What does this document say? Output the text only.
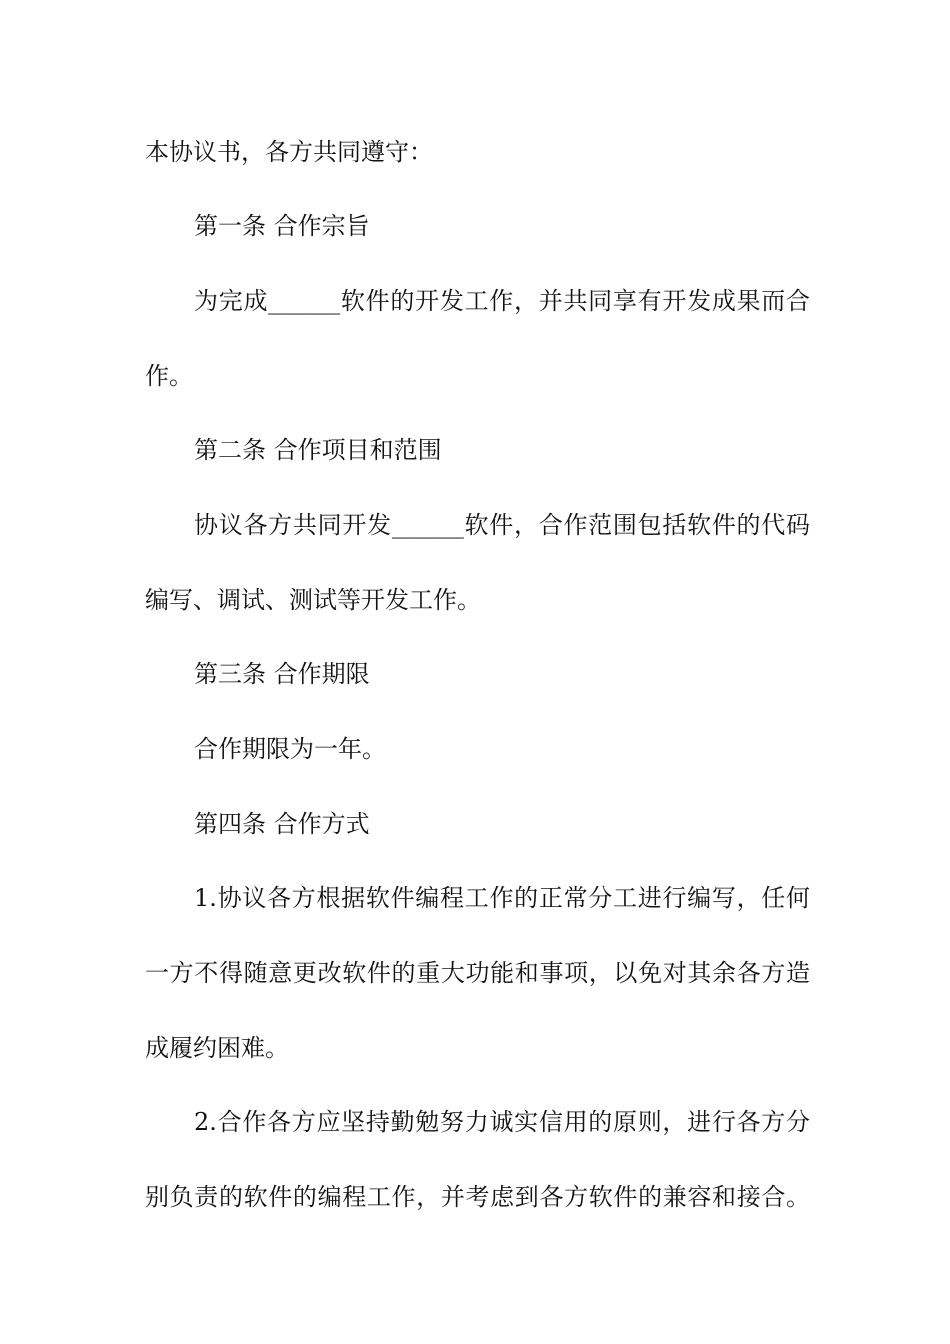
本协议书，各方共同遵守：

第一条 合作宗旨

为完成______软件的开发工作，并共同享有开发成果而合

作。

第二条 合作项目和范围

协议各方共同开发______软件，合作范围包括软件的代码

编写、调试、测试等开发工作。

第三条 合作期限

合作期限为一年。

第四条 合作方式

1.协议各方根据软件编程工作的正常分工进行编写，任何

一方不得随意更改软件的重大功能和事项，以免对其余各方造

成履约困难。

2.合作各方应坚持勤勉努力诚实信用的原则，进行各方分

别负责的软件的编程工作，并考虑到各方软件的兼容和接合。
